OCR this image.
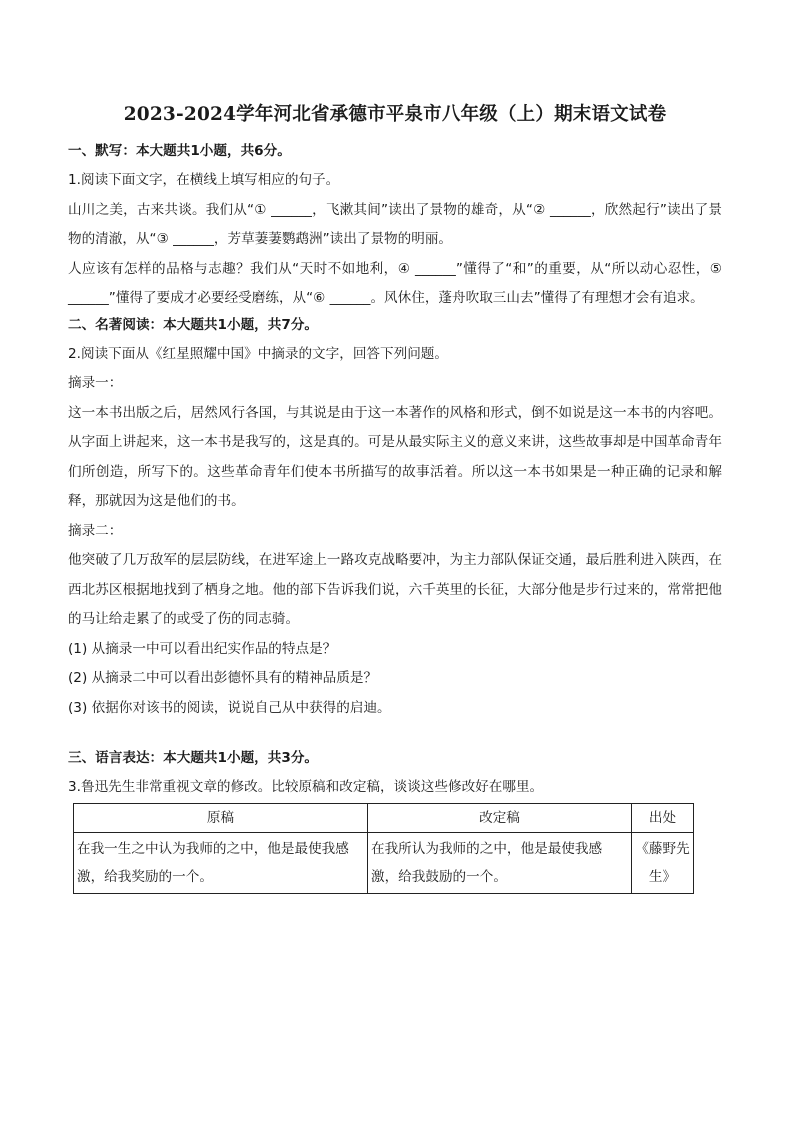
2023-2024学年河北省承德市平泉市八年级（上）期末语文试卷
一、默写：本大题共1小题，共6分。

1.阅读下面文字，在横线上填写相应的句子。

山川之美，古来共谈。我们从“① ______，飞漱其间”读出了景物的雄奇，从“② ______，欣然起行”读出了景物的清澈，从“③ ______，芳草萋萋鹦鹉洲”读出了景物的明丽。

人应该有怎样的品格与志趣？我们从“天时不如地利，④ ______”懂得了“和”的重要，从“所以动心忍性，⑤ ______”懂得了要成才必要经受磨练，从“⑥ ______。风休住，蓬舟吹取三山去”懂得了有理想才会有追求。

二、名著阅读：本大题共1小题，共7分。

2.阅读下面从《红星照耀中国》中摘录的文字，回答下列问题。

摘录一：

这一本书出版之后，居然风行各国，与其说是由于这一本著作的风格和形式，倒不如说是这一本书的内容吧。从字面上讲起来，这一本书是我写的，这是真的。可是从最实际主义的意义来讲，这些故事却是中国革命青年们所创造，所写下的。这些革命青年们使本书所描写的故事活着。所以这一本书如果是一种正确的记录和解释，那就因为这是他们的书。

摘录二：

他突破了几万敌军的层层防线，在进军途上一路攻克战略要冲，为主力部队保证交通，最后胜利进入陕西，在西北苏区根据地找到了栖身之地。他的部下告诉我们说，六千英里的长征，大部分他是步行过来的，常常把他的马让给走累了的或受了伤的同志骑。

(1) 从摘录一中可以看出纪实作品的特点是？

(2) 从摘录二中可以看出彭德怀具有的精神品质是？

(3) 依据你对该书的阅读，说说自己从中获得的启迪。

三、语言表达：本大题共1小题，共3分。

3.鲁迅先生非常重视文章的修改。比较原稿和改定稿，谈谈这些修改好在哪里。

原稿	改定稿	出处
在我一生之中认为我师的之中，他是最使我感激，给我奖励的一个。	在我所认为我师的之中，他是最使我感激，给我鼓励的一个。	《藤野先生》
